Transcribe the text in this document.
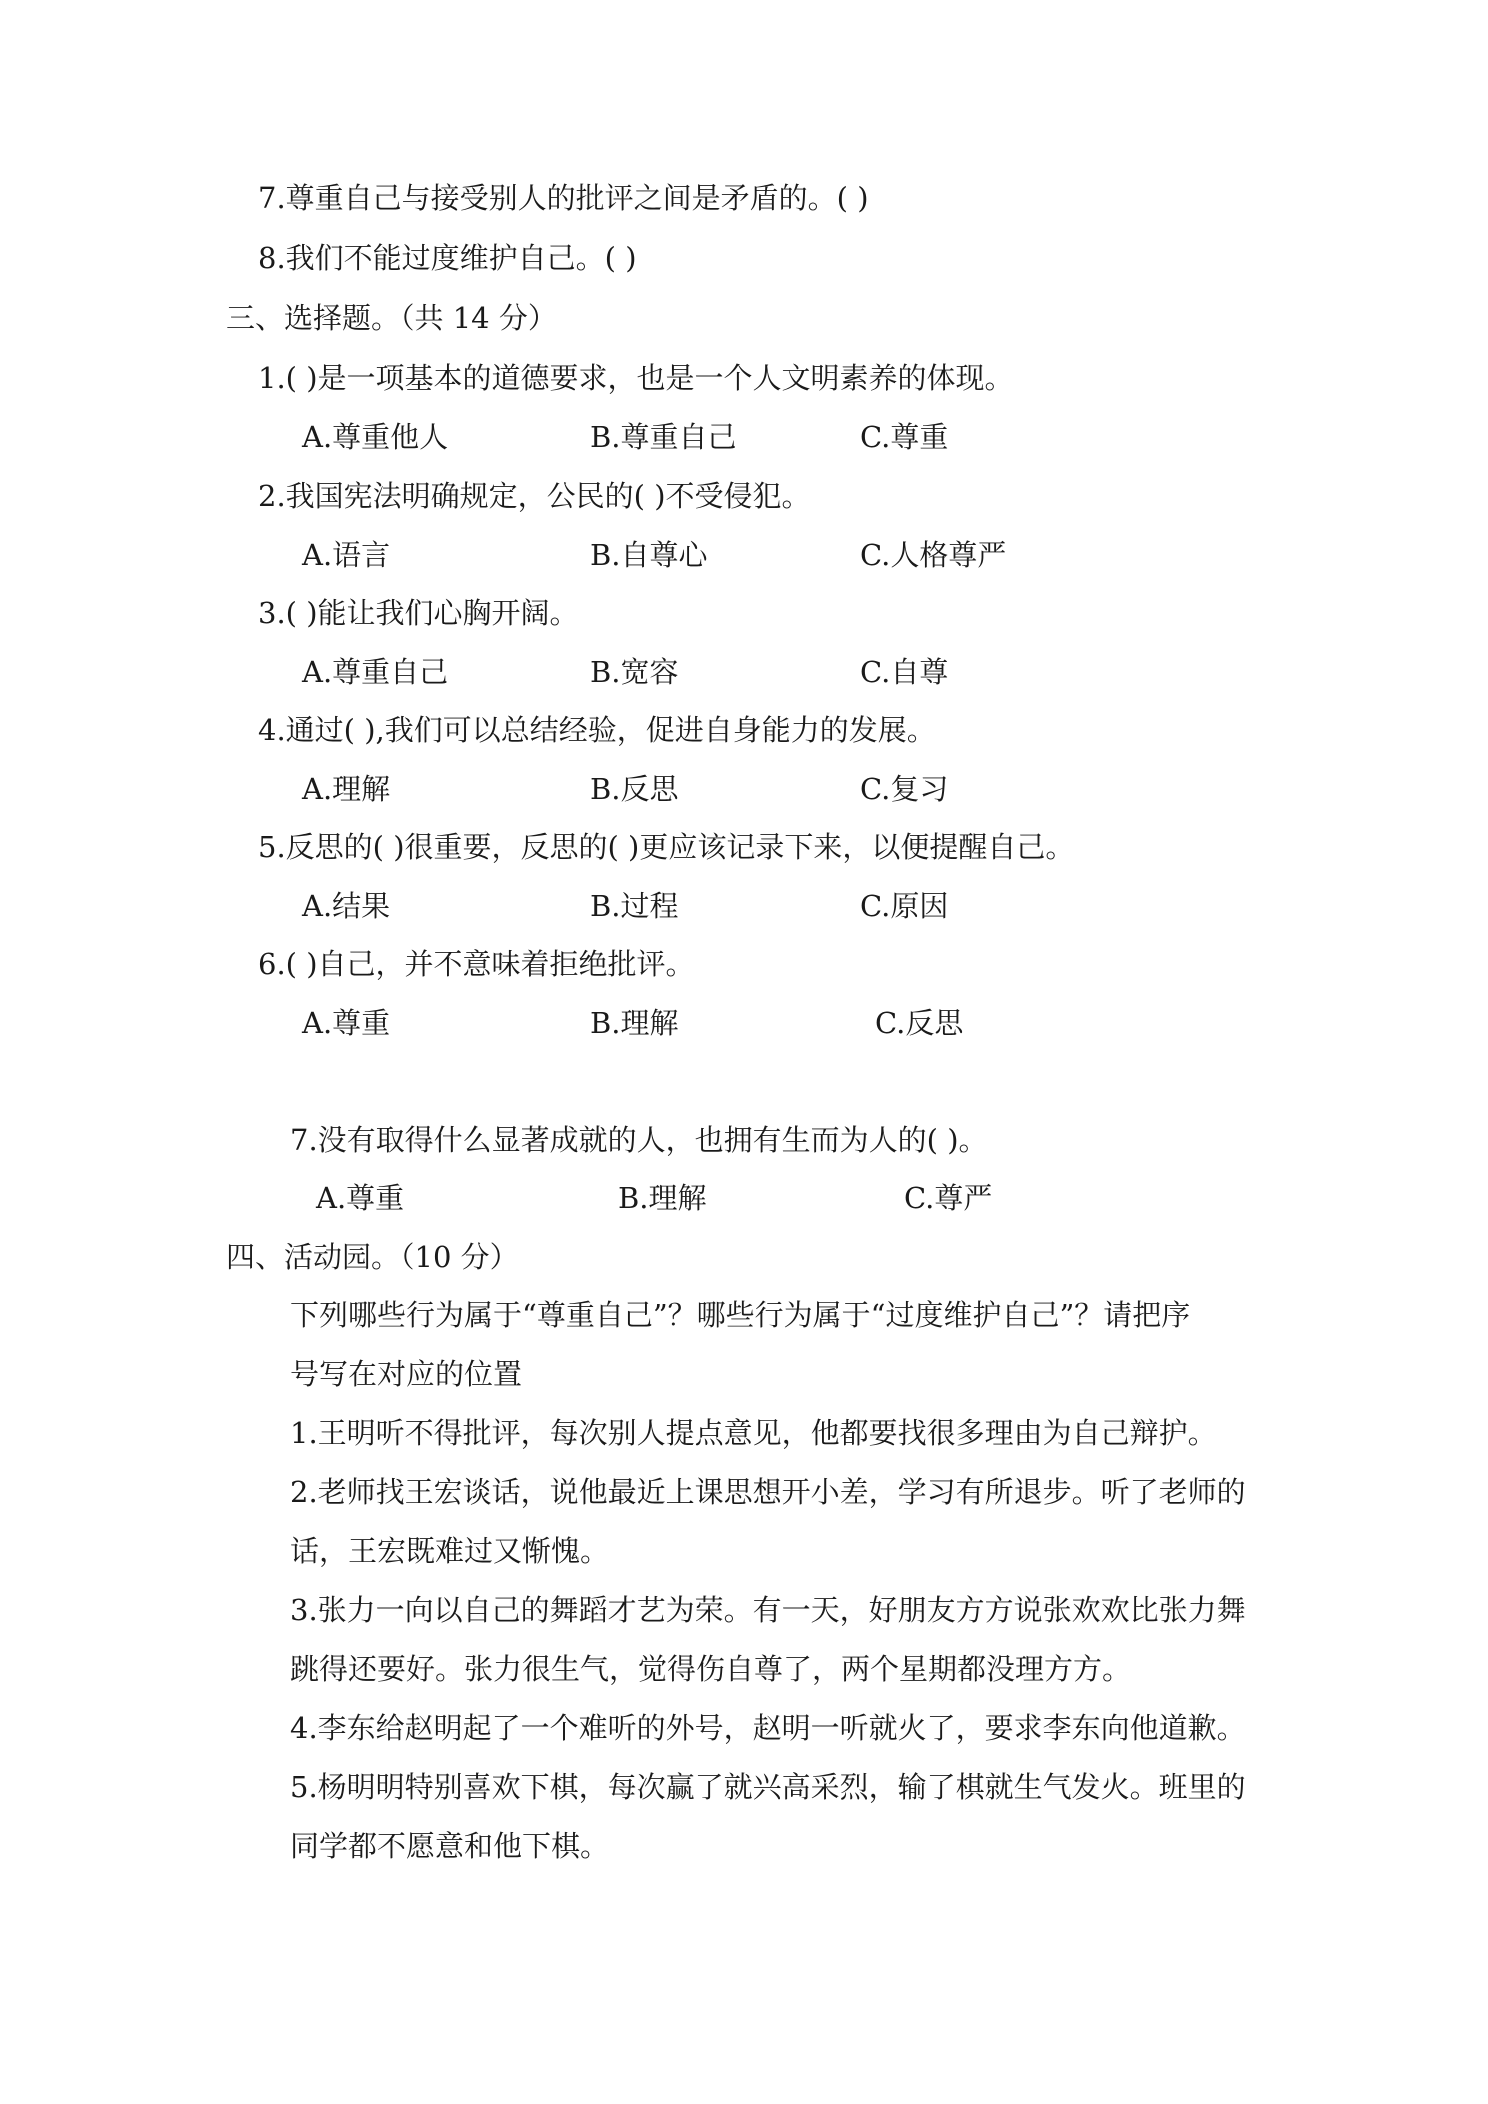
7.尊重自己与接受别人的批评之间是矛盾的。( )
8.我们不能过度维护自己。( )
三、选择题。（共 14 分）
1.( )是一项基本的道德要求，也是一个人文明素养的体现。
A.尊重他人	B.尊重自己	C.尊重
2.我国宪法明确规定，公民的( )不受侵犯。
A.语言	B.自尊心	C.人格尊严
3.( )能让我们心胸开阔。
A.尊重自己	B.宽容	C.自尊
4.通过( ),我们可以总结经验，促进自身能力的发展。
A.理解	B.反思	C.复习
5.反思的( )很重要，反思的( )更应该记录下来，以便提醒自己。
A.结果	B.过程	C.原因
6.( )自己，并不意味着拒绝批评。
A.尊重	B.理解	C.反思
7.没有取得什么显著成就的人，也拥有生而为人的( )。
A.尊重	B.理解	C.尊严
四、活动园。（10 分）
下列哪些行为属于“尊重自己”？哪些行为属于“过度维护自己”？请把序
号写在对应的位置
1.王明听不得批评，每次别人提点意见，他都要找很多理由为自己辩护。
2.老师找王宏谈话，说他最近上课思想开小差，学习有所退步。听了老师的
话，王宏既难过又惭愧。
3.张力一向以自己的舞蹈才艺为荣。有一天，好朋友方方说张欢欢比张力舞
跳得还要好。张力很生气，觉得伤自尊了，两个星期都没理方方。
4.李东给赵明起了一个难听的外号，赵明一听就火了，要求李东向他道歉。
5.杨明明特别喜欢下棋，每次赢了就兴高采烈，输了棋就生气发火。班里的
同学都不愿意和他下棋。
